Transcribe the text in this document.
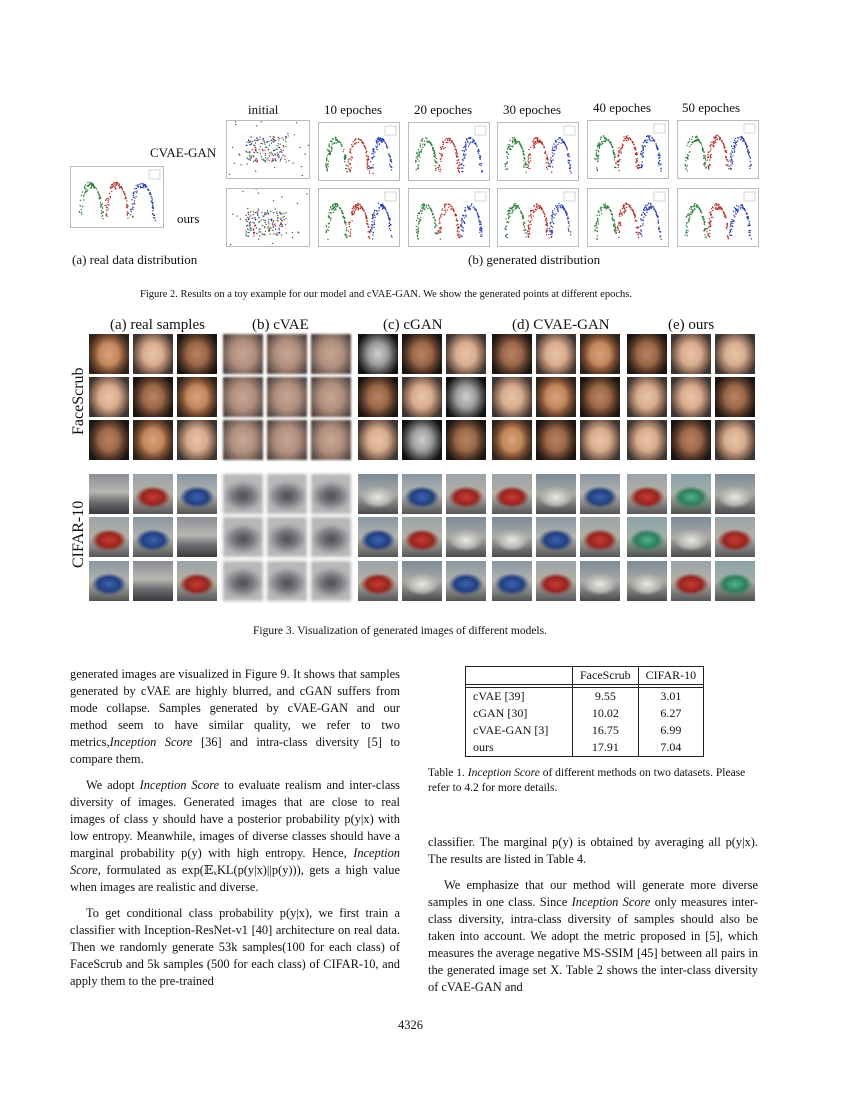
initial	10 epoches 20 epoches 30 epoches 40 epoches 50 epoches
CVAE-GAN
ours
(a) real data distribution	(b) generated distribution
Figure 2. Results on a toy example for our model and cVAE-GAN. We show the generated points at different epochs.
(a) real samples	(b) cVAE	(c) cGAN	(d) CVAE-GAN	(e) ours
FaceScrub
CIFAR-10
Figure 3. Visualization of generated images of different models.

generated images are visualized in Figure 9. It shows that samples generated by cVAE are highly blurred, and cGAN suffers from mode collapse. Samples generated by cVAE-GAN and our method seem to have similar quality, we refer to two metrics,Inception Score [36] and intra-class diversity [5] to compare them.

We adopt Inception Score to evaluate realism and inter-class diversity of images. Generated images that are close to real images of class y should have a posterior probability p(y|x) with low entropy. Meanwhile, images of diverse classes should have a marginal probability p(y) with high entropy. Hence, Inception Score, formulated as exp(𝔼ₓKL(p(y|x)||p(y))), gets a high value when images are realistic and diverse.

To get conditional class probability p(y|x), we first train a classifier with Inception-ResNet-v1 [40] architecture on real data. Then we randomly generate 53k samples(100 for each class) of FaceScrub and 5k samples (500 for each class) of CIFAR-10, and apply them to the pre-trained

	FaceScrub	CIFAR-10

cVAE [39]	9.55	3.01
cGAN [30]	10.02	6.27
cVAE-GAN [3]	16.75	6.99
ours	17.91	7.04
Table 1. Inception Score of different methods on two datasets. Please refer to 4.2 for more details.

classifier. The marginal p(y) is obtained by averaging all p(y|x). The results are listed in Table 4.

We emphasize that our method will generate more diverse samples in one class. Since Inception Score only measures inter-class diversity, intra-class diversity of samples should also be taken into account. We adopt the metric proposed in [5], which measures the average negative MS-SSIM [45] between all pairs in the generated image set X. Table 2 shows the inter-class diversity of cVAE-GAN and

4326
